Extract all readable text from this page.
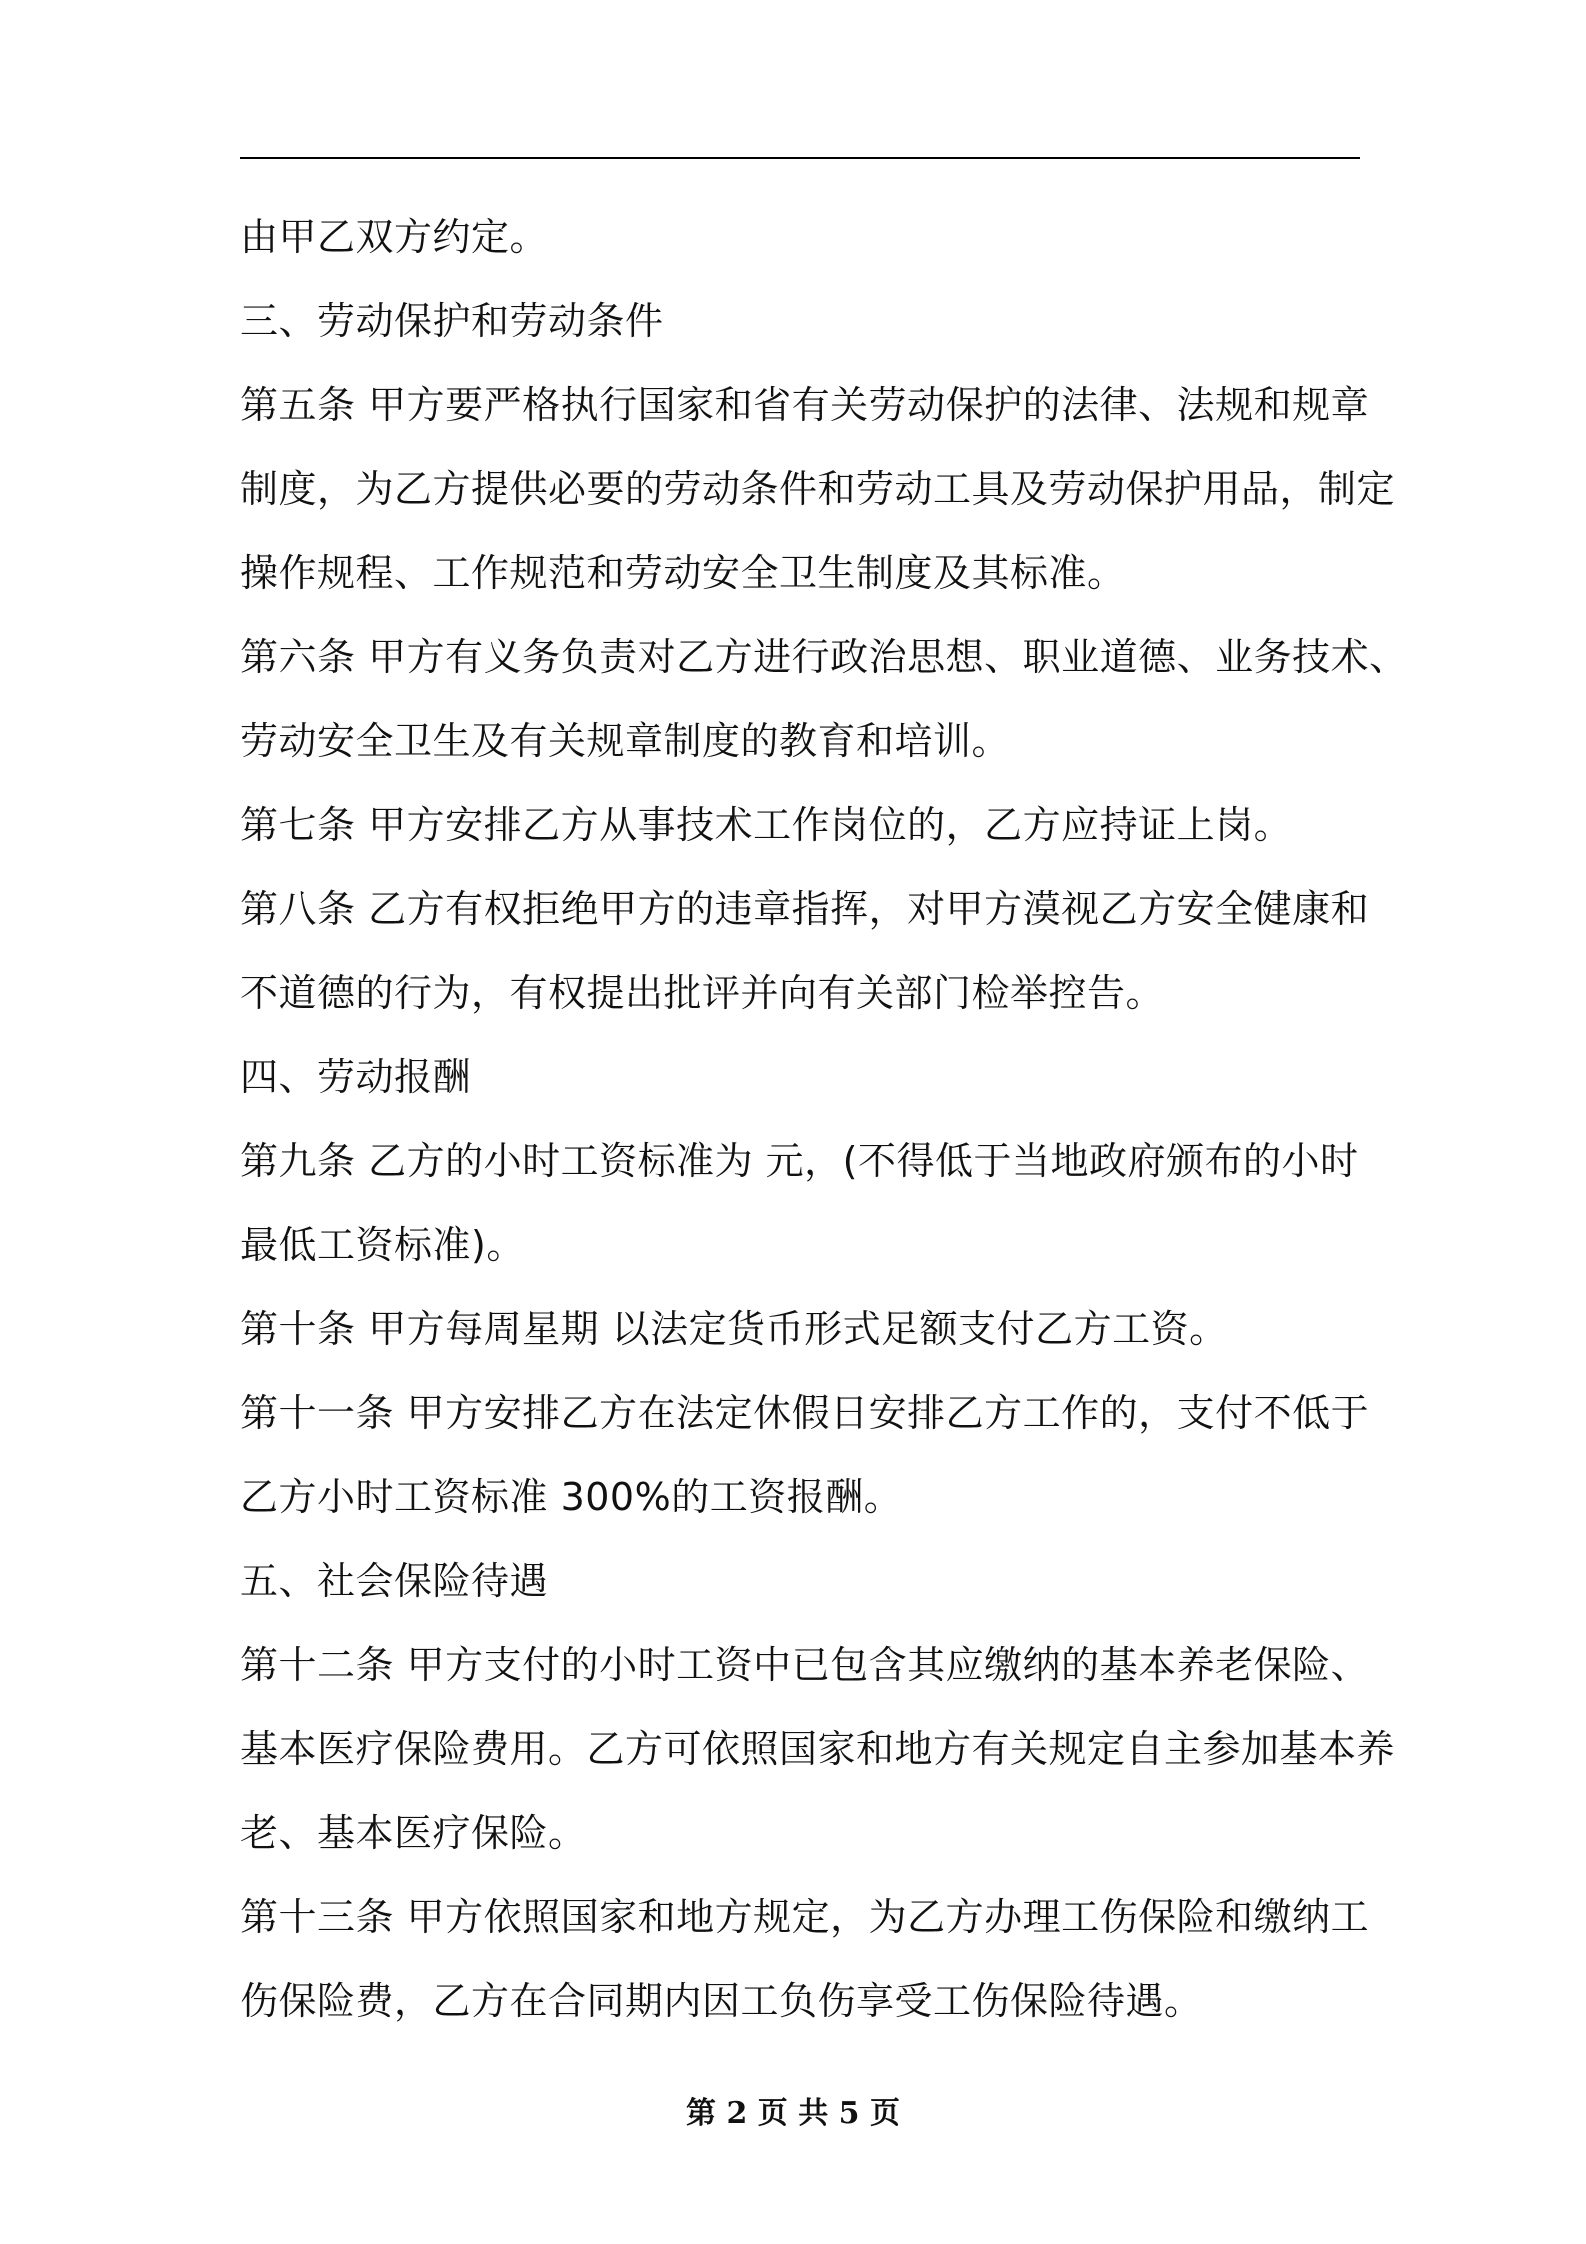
由甲乙双方约定。
三、劳动保护和劳动条件
第五条 甲方要严格执行国家和省有关劳动保护的法律、法规和规章
制度，为乙方提供必要的劳动条件和劳动工具及劳动保护用品，制定
操作规程、工作规范和劳动安全卫生制度及其标准。
第六条 甲方有义务负责对乙方进行政治思想、职业道德、业务技术、
劳动安全卫生及有关规章制度的教育和培训。
第七条 甲方安排乙方从事技术工作岗位的，乙方应持证上岗。
第八条 乙方有权拒绝甲方的违章指挥，对甲方漠视乙方安全健康和
不道德的行为，有权提出批评并向有关部门检举控告。
四、劳动报酬
第九条 乙方的小时工资标准为 元，(不得低于当地政府颁布的小时
最低工资标准)。
第十条 甲方每周星期 以法定货币形式足额支付乙方工资。
第十一条 甲方安排乙方在法定休假日安排乙方工作的，支付不低于
乙方小时工资标准 300%的工资报酬。
五、社会保险待遇
第十二条 甲方支付的小时工资中已包含其应缴纳的基本养老保险、
基本医疗保险费用。乙方可依照国家和地方有关规定自主参加基本养
老、基本医疗保险。
第十三条 甲方依照国家和地方规定，为乙方办理工伤保险和缴纳工
伤保险费，乙方在合同期内因工负伤享受工伤保险待遇。
第 2 页 共 5 页
